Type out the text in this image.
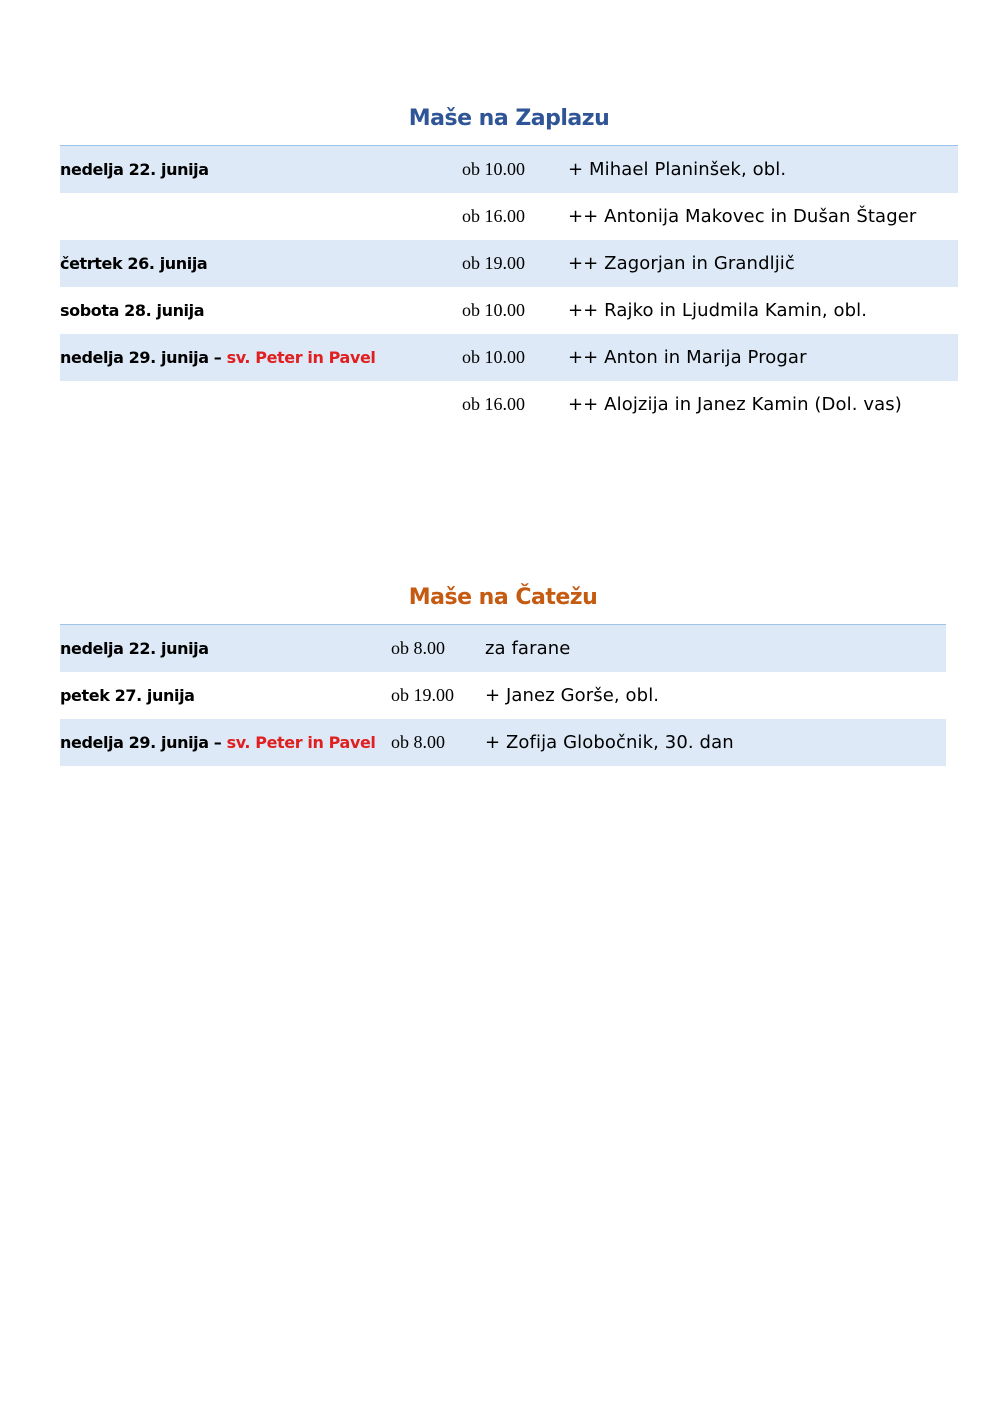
Maše na Zaplazu
nedelja 22. junija	ob 10.00	+ Mihael Planinšek, obl.
	ob 16.00	++ Antonija Makovec in Dušan Štager
četrtek 26. junija	ob 19.00	++ Zagorjan in Grandljič
sobota 28. junija	ob 10.00	++ Rajko in Ljudmila Kamin, obl.
nedelja 29. junija – sv. Peter in Pavel	ob 10.00	++ Anton in Marija Progar
	ob 16.00	++ Alojzija in Janez Kamin (Dol. vas)
Maše na Čatežu
nedelja 22. junija	ob 8.00	za farane
petek 27. junija	ob 19.00	+ Janez Gorše, obl.
nedelja 29. junija – sv. Peter in Pavel	ob 8.00	+ Zofija Globočnik, 30. dan
